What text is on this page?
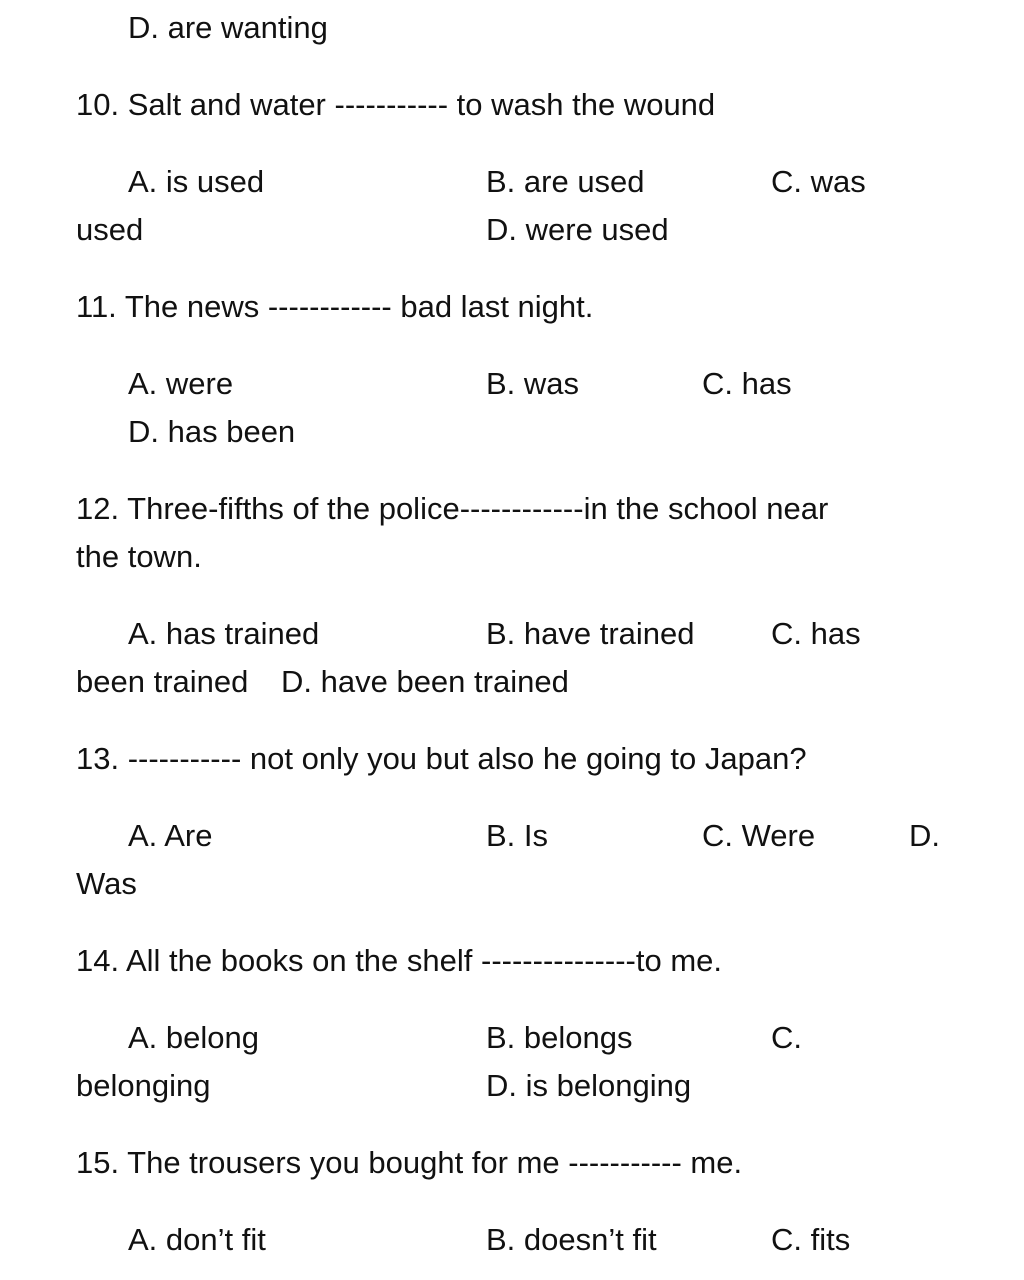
D. are wanting

10. Salt and water ----------- to wash the wound

A. is used	B. are used	C. was

used	D. were used

11. The news ------------ bad last night.

A. were	B. was	C. has

D. has been

12. Three-fifths of the police------------in the school near

the town.

A. has trained	B. have trained C. has

been trained D. have been trained

13. ----------- not only you but also he going to Japan?

A. Are	B. Is	C. Were	D.

Was

14. All the books on the shelf ---------------to me.

A. belong	B. belongs	C.

belonging	D. is belonging

15. The trousers you bought for me ----------- me.

A. don’t fit	B. doesn’t fit	C. fits
